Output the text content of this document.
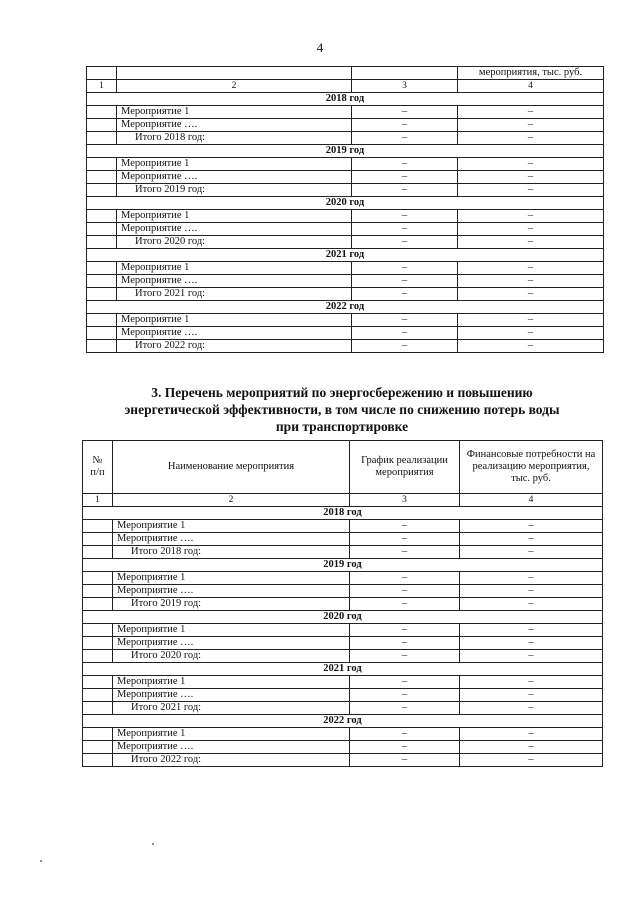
4
			мероприятия, тыс. руб.
1	2	3	4
2018 год			
	Мероприятие 1	–	–
	Мероприятие ….	–	–
	Итого 2018 год:	–	–
2019 год			
	Мероприятие 1	–	–
	Мероприятие ….	–	–
	Итого 2019 год:	–	–
2020 год			
	Мероприятие 1	–	–
	Мероприятие ….	–	–
	Итого 2020 год:	–	–
2021 год			
	Мероприятие 1	–	–
	Мероприятие ….	–	–
	Итого 2021 год:	–	–
2022 год			
	Мероприятие 1	–	–
	Мероприятие ….	–	–
	Итого 2022 год:	–	–
3. Перечень мероприятий по энергосбережению и повышению
энергетической эффективности, в том числе по снижению потерь воды
при транспортировке
№ п/п	Наименование мероприятия	График реализации мероприятия	Финансовые потребности на реализацию мероприятия, тыс. руб.
1	2	3	4
2018 год			
	Мероприятие 1	–	–
	Мероприятие ….	–	–
	Итого 2018 год:	–	–
2019 год			
	Мероприятие 1	–	–
	Мероприятие ….	–	–
	Итого 2019 год:	–	–
2020 год			
	Мероприятие 1	–	–
	Мероприятие ….	–	–
	Итого 2020 год:	–	–
2021 год			
	Мероприятие 1	–	–
	Мероприятие ….	–	–
	Итого 2021 год:	–	–
2022 год			
	Мероприятие 1	–	–
	Мероприятие ….	–	–
	Итого 2022 год:	–	–
